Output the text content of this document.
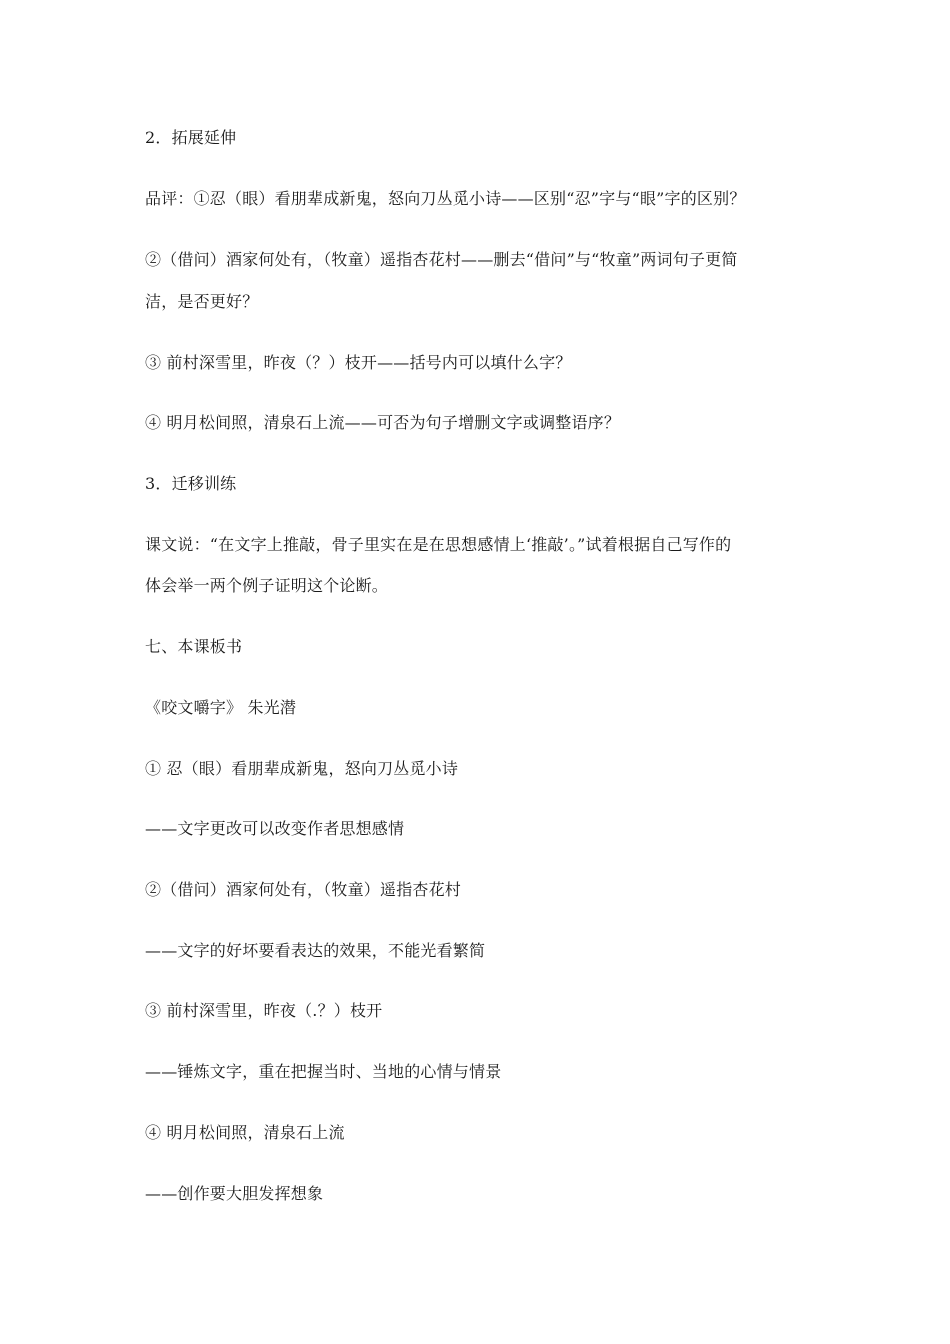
2．拓展延伸
品评：①忍（眼）看朋辈成新鬼，怒向刀丛觅小诗——区别“忍”字与“眼”字的区别？
②（借问）酒家何处有，（牧童）遥指杏花村——删去“借问”与“牧童”两词句子更简
洁，是否更好？
③ 前村深雪里，昨夜（？）枝开——括号内可以填什么字？
④ 明月松间照，清泉石上流——可否为句子增删文字或调整语序？
3．迁移训练
课文说：“在文字上推敲，骨子里实在是在思想感情上‘推敲’。”试着根据自己写作的
体会举一两个例子证明这个论断。
七、本课板书
《咬文嚼字》 朱光潜
① 忍（眼）看朋辈成新鬼，怒向刀丛觅小诗
——文字更改可以改变作者思想感情
②（借问）酒家何处有，（牧童）遥指杏花村
——文字的好坏要看表达的效果，不能光看繁简
③ 前村深雪里，昨夜（.？）枝开
——锤炼文字，重在把握当时、当地的心情与情景
④ 明月松间照，清泉石上流
——创作要大胆发挥想象
